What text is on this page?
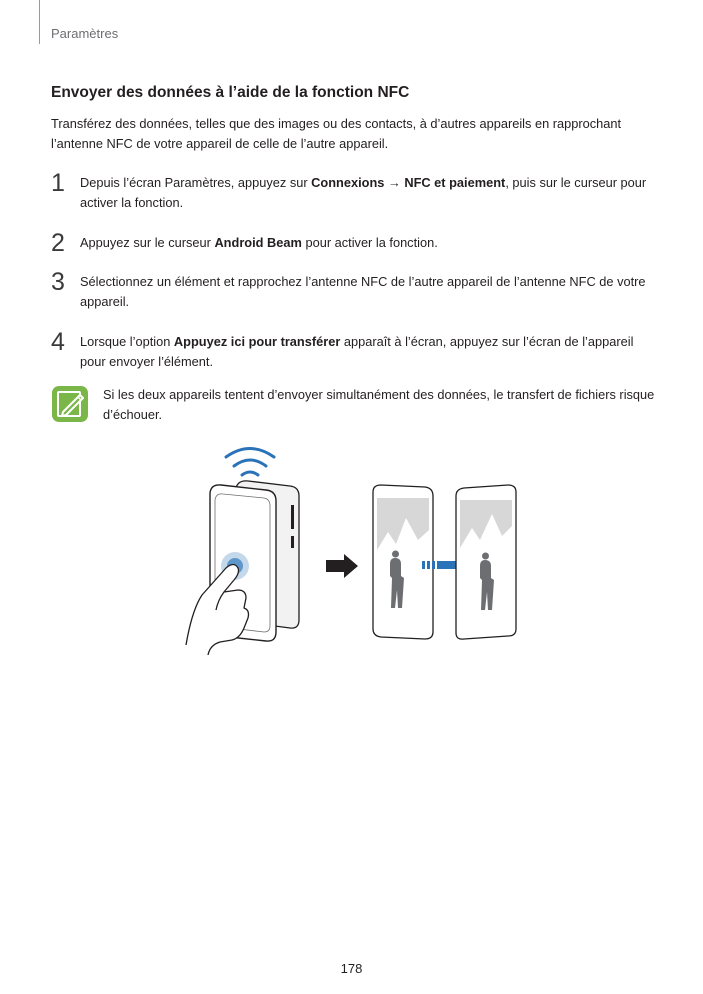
Paramètres
Envoyer des données à l’aide de la fonction NFC
Transférez des données, telles que des images ou des contacts, à d’autres appareils en rapprochant l’antenne NFC de votre appareil de celle de l’autre appareil.
1 Depuis l’écran Paramètres, appuyez sur Connexions → NFC et paiement, puis sur le curseur pour activer la fonction.
2 Appuyez sur le curseur Android Beam pour activer la fonction.
3 Sélectionnez un élément et rapprochez l’antenne NFC de l’autre appareil de l’antenne NFC de votre appareil.
4 Lorsque l’option Appuyez ici pour transférer apparaît à l’écran, appuyez sur l’écran de l’appareil pour envoyer l’élément.
Si les deux appareils tentent d’envoyer simultanément des données, le transfert de fichiers risque d’échouer.
178
